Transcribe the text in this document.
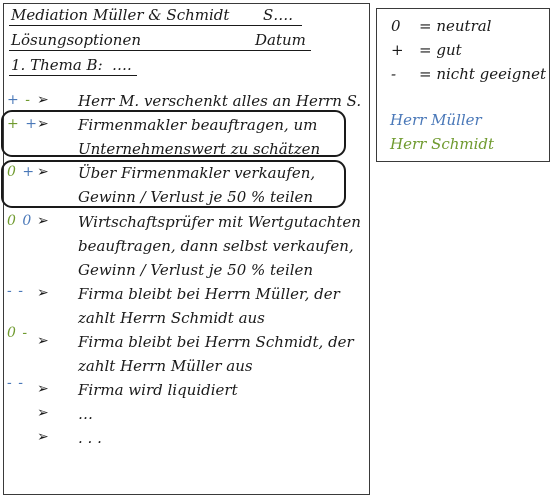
Mediation Müller & Schmidt S….
Lösungsoptionen	Datum
1. Thema B: ….
+ - ➢ Herr M. verschenkt alles an Herrn S.
+ + ➢ Firmenmakler beauftragen, um
Unternehmenswert zu schätzen
0 + ➢ Über Firmenmakler verkaufen,
Gewinn / Verlust je 50 % teilen
0 0 ➢ Wirtschaftsprüfer mit Wertgutachten
beauftragen, dann selbst verkaufen,
Gewinn / Verlust je 50 % teilen
- - ➢ Firma bleibt bei Herrn Müller, der
zahlt Herrn Schmidt aus
0 - ➢ Firma bleibt bei Herrn Schmidt, der
zahlt Herrn Müller aus
- - ➢ Firma wird liquidiert
➢ …
➢ . . .
0 = neutral
+ = gut
- = nicht geeignet
Herr Müller
Herr Schmidt
